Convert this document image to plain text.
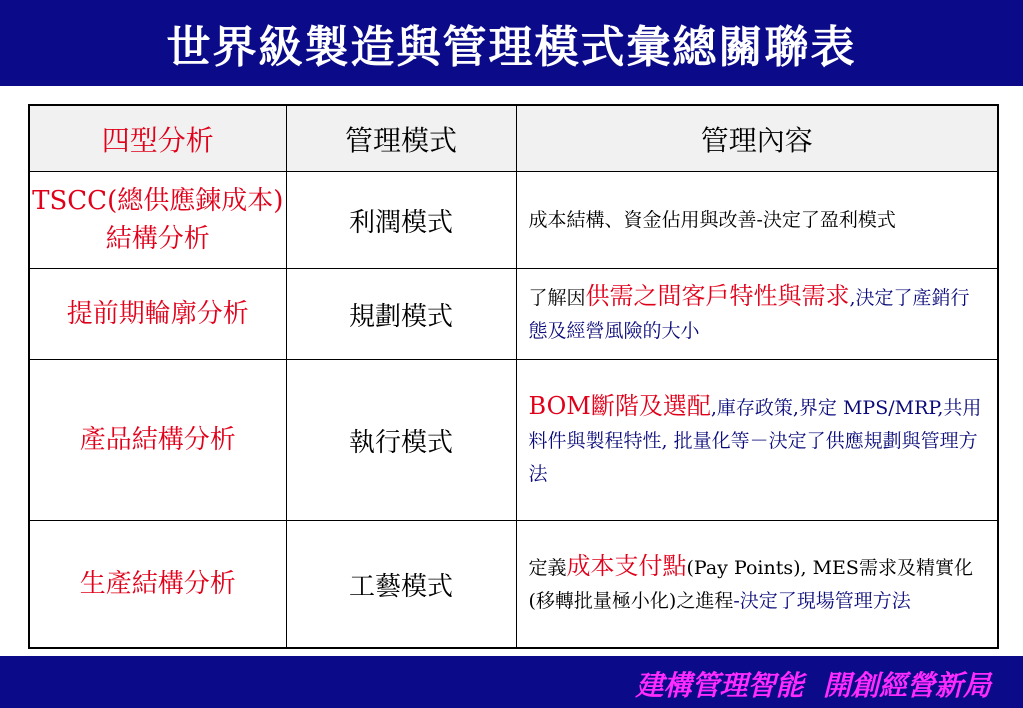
世界級製造與管理模式彙總關聯表
四型分析	管理模式	管理內容
TSCC(總供應鍊成本)結構分析	利潤模式	成本結構、資金佔用與改善-決定了盈利模式
提前期輪廓分析	規劃模式	了解因供需之間客戶特性與需求,決定了產銷行態及經營風險的大小
產品結構分析	執行模式	BOM斷階及選配,庫存政策,界定 MPS/MRP,共用料件與製程特性, 批量化等－決定了供應規劃與管理方法
生產結構分析	工藝模式	定義成本支付點(Pay Points), MES需求及精實化(移轉批量極小化)之進程-決定了現場管理方法
建構管理智能  開創經營新局
